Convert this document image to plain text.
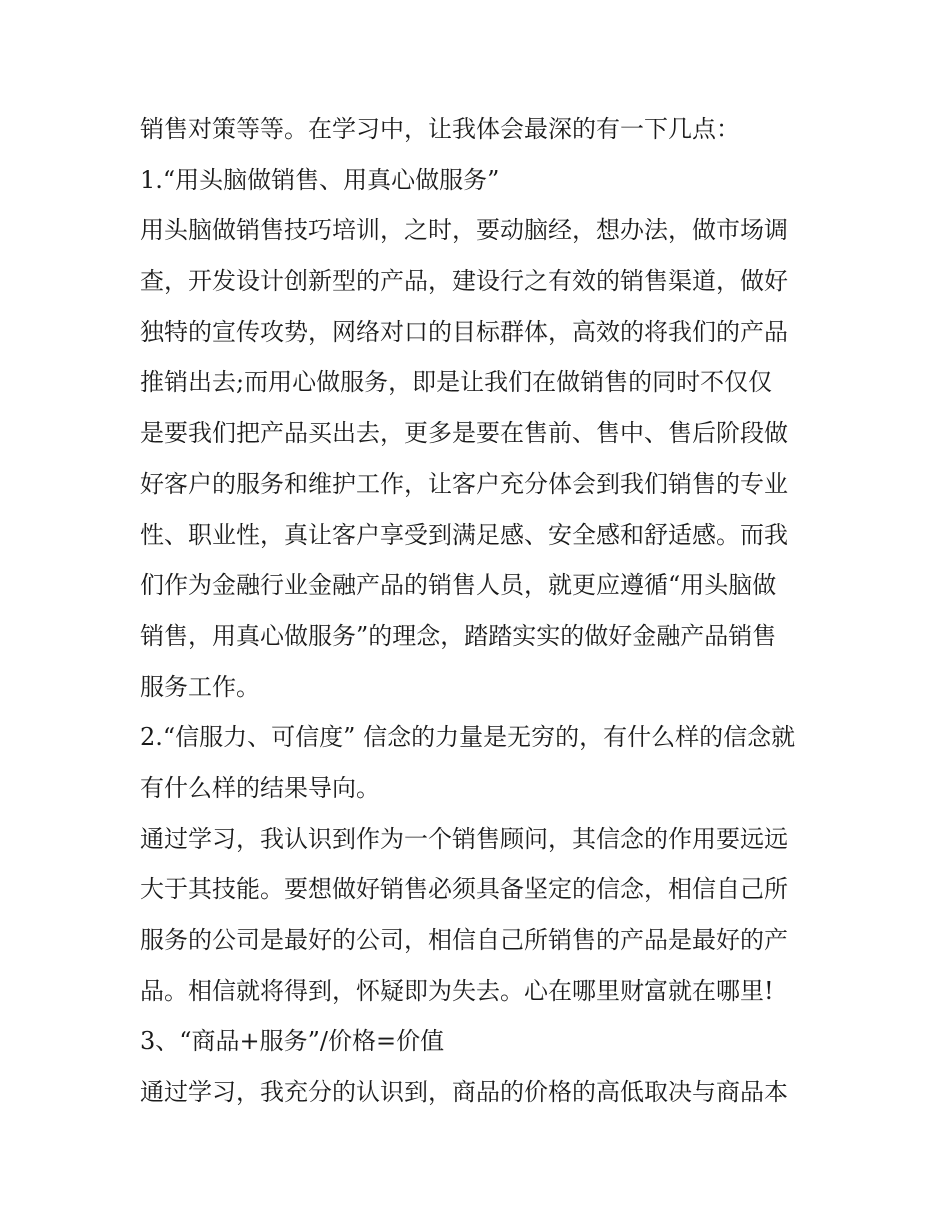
销售对策等等。在学习中，让我体会最深的有一下几点：
1.“用头脑做销售、用真心做服务”
用头脑做销售技巧培训，之时，要动脑经，想办法，做市场调
查，开发设计创新型的产品，建设行之有效的销售渠道，做好
独特的宣传攻势，网络对口的目标群体，高效的将我们的产品
推销出去;而用心做服务，即是让我们在做销售的同时不仅仅
是要我们把产品买出去，更多是要在售前、售中、售后阶段做
好客户的服务和维护工作，让客户充分体会到我们销售的专业
性、职业性，真让客户享受到满足感、安全感和舒适感。而我
们作为金融行业金融产品的销售人员，就更应遵循“用头脑做
销售，用真心做服务”的理念，踏踏实实的做好金融产品销售
服务工作。
2.“信服力、可信度” 信念的力量是无穷的，有什么样的信念就
有什么样的结果导向。
通过学习，我认识到作为一个销售顾问，其信念的作用要远远
大于其技能。要想做好销售必须具备坚定的信念，相信自己所
服务的公司是最好的公司，相信自己所销售的产品是最好的产
品。相信就将得到，怀疑即为失去。心在哪里财富就在哪里!
3、“商品+服务”/价格=价值
通过学习，我充分的认识到，商品的价格的高低取决与商品本
